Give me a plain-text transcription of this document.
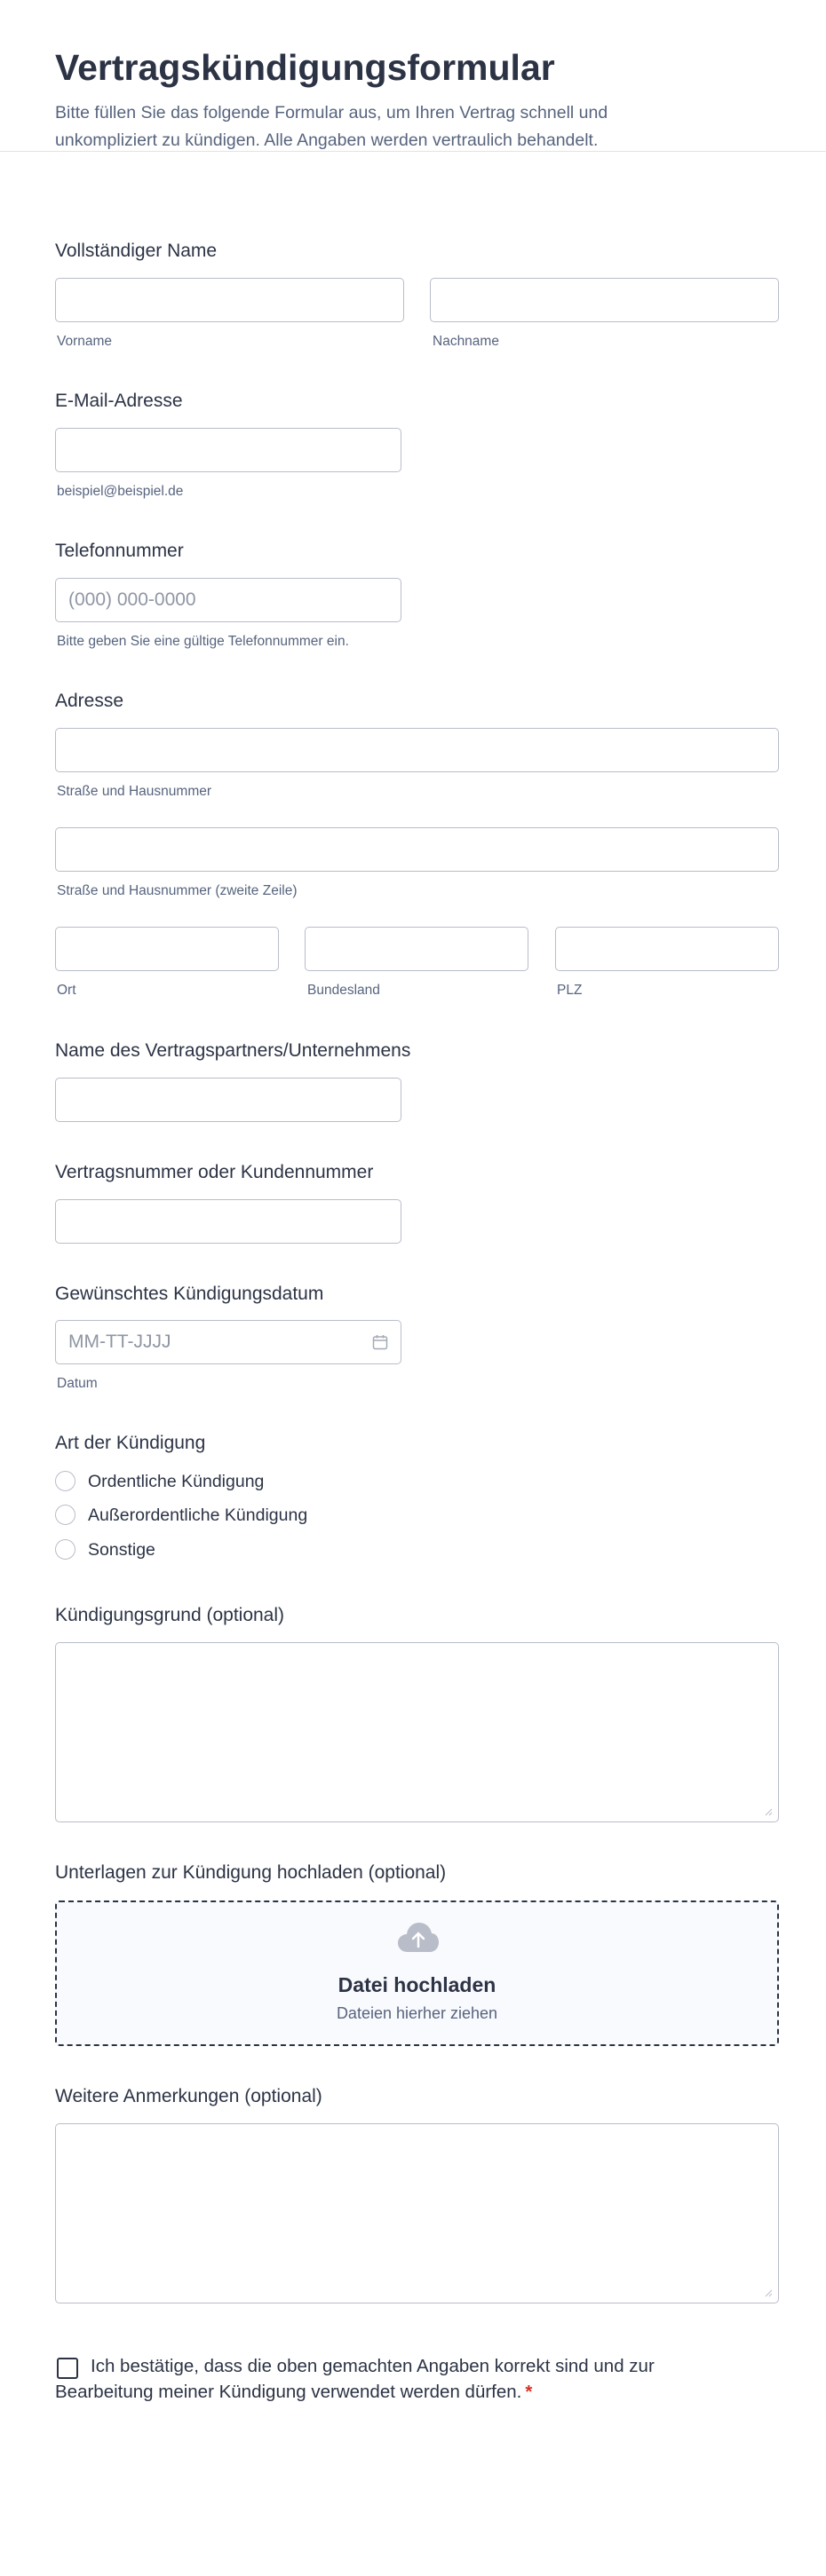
Vertragskündigungsformular

Bitte füllen Sie das folgende Formular aus, um Ihren Vertrag schnell und unkompliziert zu kündigen. Alle Angaben werden vertraulich behandelt.

Vollständiger Name
Vorname	Nachname
E-Mail-Adresse
beispiel@beispiel.de
Telefonnummer
(000) 000-0000
Bitte geben Sie eine gültige Telefonnummer ein.
Adresse
Straße und Hausnummer
Straße und Hausnummer (zweite Zeile)
Ort	Bundesland	PLZ
Name des Vertragspartners/Unternehmens
Vertragsnummer oder Kundennummer
Gewünschtes Kündigungsdatum
MM-TT-JJJJ
Datum
Art der Kündigung
Ordentliche Kündigung
Außerordentliche Kündigung
Sonstige
Kündigungsgrund (optional)
Unterlagen zur Kündigung hochladen (optional)
Datei hochladen
Dateien hierher ziehen
Weitere Anmerkungen (optional)
Ich bestätige, dass die oben gemachten Angaben korrekt sind und zur Bearbeitung meiner Kündigung verwendet werden dürfen. *
